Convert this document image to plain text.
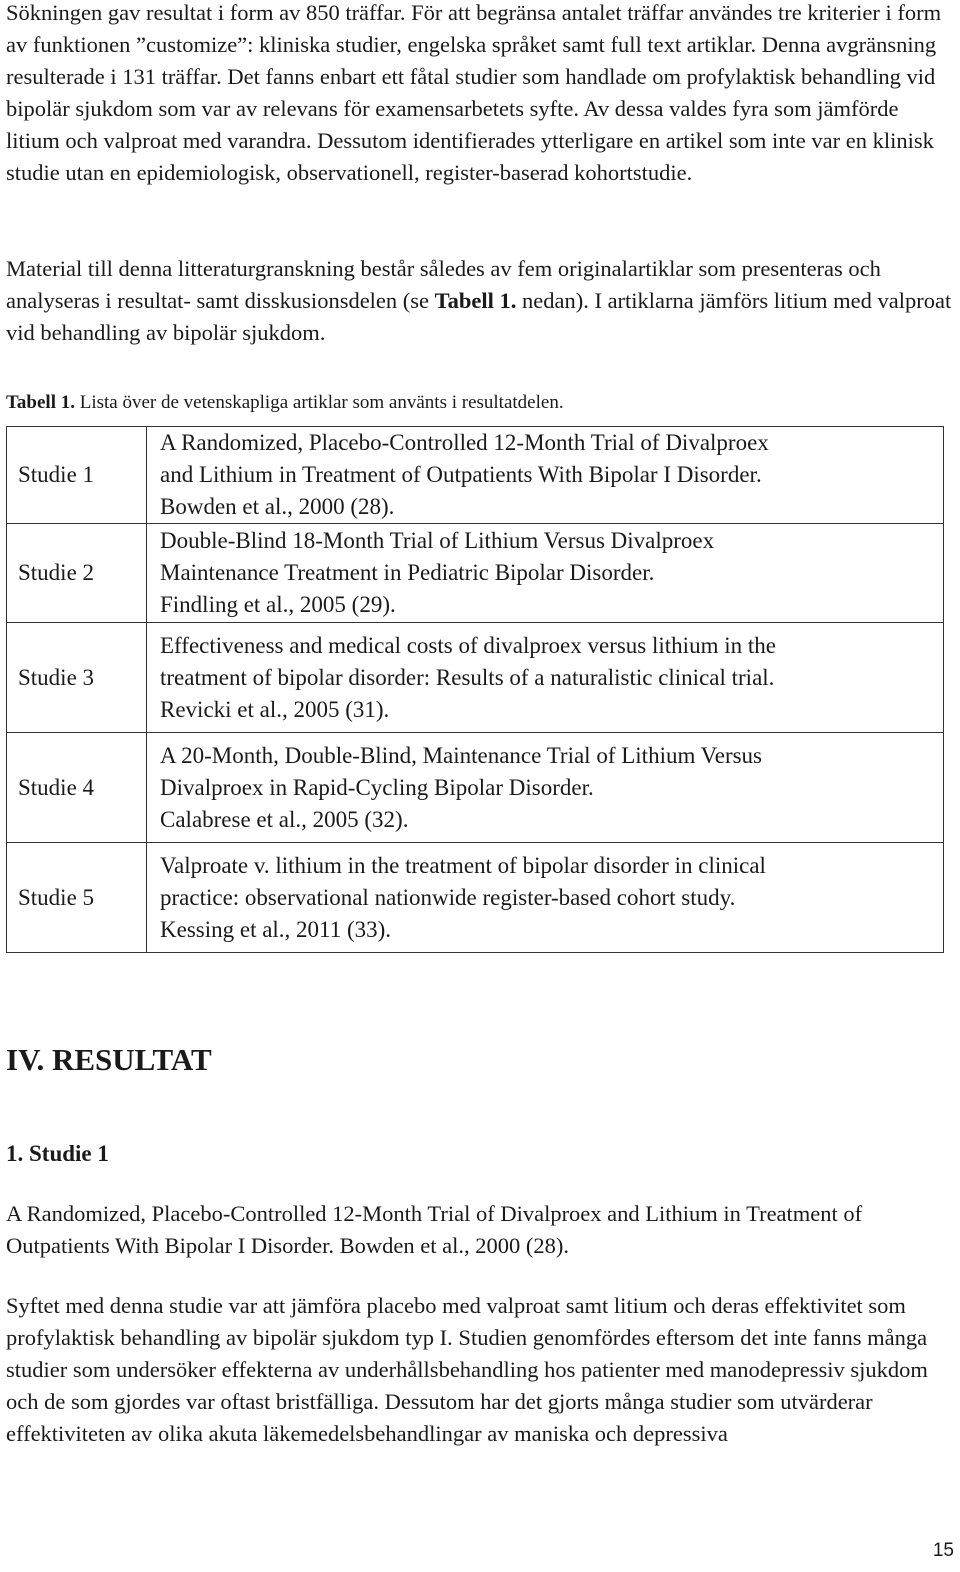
Sökningen gav resultat i form av 850 träffar. För att begränsa antalet träffar användes tre kriterier i form av funktionen ”customize”: kliniska studier, engelska språket samt full text artiklar. Denna avgränsning resulterade i 131 träffar. Det fanns enbart ett fåtal studier som handlade om profylaktisk behandling vid bipolär sjukdom som var av relevans för examensarbetets syfte. Av dessa valdes fyra som jämförde litium och valproat med varandra. Dessutom identifierades ytterligare en artikel som inte var en klinisk studie utan en epidemiologisk, observationell, register-baserad kohortstudie.

Material till denna litteraturgranskning består således av fem originalartiklar som presenteras och analyseras i resultat- samt disskusionsdelen (se Tabell 1. nedan). I artiklarna jämförs litium med valproat vid behandling av bipolär sjukdom.

Tabell 1. Lista över de vetenskapliga artiklar som använts i resultatdelen.
Studie 1	A Randomized, Placebo-Controlled 12-Month Trial of Divalproex
and Lithium in Treatment of Outpatients With Bipolar I Disorder.
Bowden et al., 2000 (28).

Studie 2	Double-Blind 18-Month Trial of Lithium Versus Divalproex
Maintenance Treatment in Pediatric Bipolar Disorder.
Findling et al., 2005 (29).

Studie 3	Effectiveness and medical costs of divalproex versus lithium in the
treatment of bipolar disorder: Results of a naturalistic clinical trial.
Revicki et al., 2005 (31).

Studie 4	A 20-Month, Double-Blind, Maintenance Trial of Lithium Versus
Divalproex in Rapid-Cycling Bipolar Disorder.
Calabrese et al., 2005 (32).

Studie 5	Valproate v. lithium in the treatment of bipolar disorder in clinical
practice: observational nationwide register-based cohort study.
Kessing et al., 2011 (33).
IV. RESULTAT
1. Studie 1

A Randomized, Placebo-Controlled 12-Month Trial of Divalproex and Lithium in Treatment of Outpatients With Bipolar I Disorder. Bowden et al., 2000 (28).

Syftet med denna studie var att jämföra placebo med valproat samt litium och deras effektivitet som profylaktisk behandling av bipolär sjukdom typ I. Studien genomfördes eftersom det inte fanns många studier som undersöker effekterna av underhållsbehandling hos patienter med manodepressiv sjukdom och de som gjordes var oftast bristfälliga. Dessutom har det gjorts många studier som utvärderar effektiviteten av olika akuta läkemedelsbehandlingar av maniska och depressiva

15
